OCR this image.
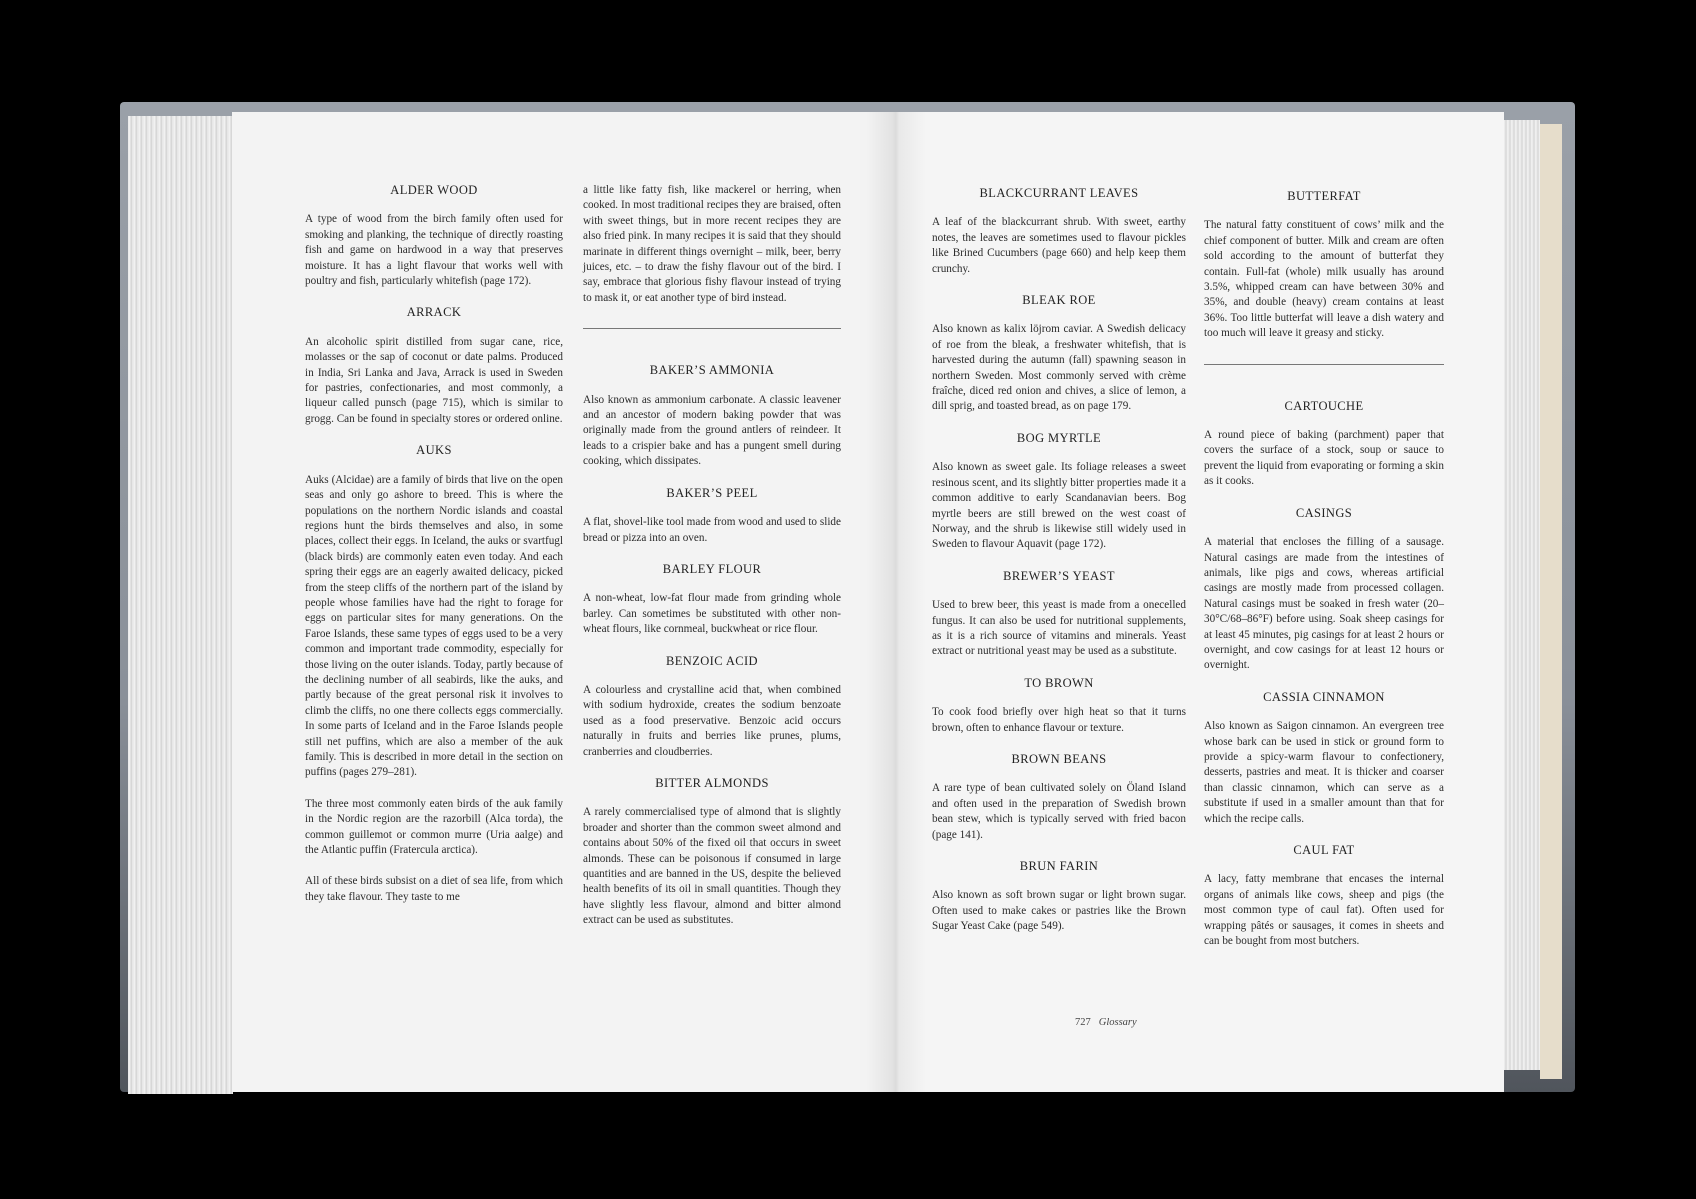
ALDER WOOD

A type of wood from the birch family often used for smoking and planking, the technique of directly roasting fish and game on hardwood in a way that preserves moisture. It has a light flavour that works well with poultry and fish, particularly whitefish (page 172).

ARRACK

An alcoholic spirit distilled from sugar cane, rice, molasses or the sap of coconut or date palms. Produced in India, Sri Lanka and Java, Arrack is used in Sweden for pastries, confectionaries, and most commonly, a liqueur called punsch (page 715), which is similar to grogg. Can be found in specialty stores or ordered online.

AUKS

Auks (Alcidae) are a family of birds that live on the open seas and only go ashore to breed. This is where the populations on the northern Nordic islands and coastal regions hunt the birds themselves and also, in some places, collect their eggs. In Iceland, the auks or svartfugl (black birds) are commonly eaten even today. And each spring their eggs are an eagerly awaited delicacy, picked from the steep cliffs of the northern part of the island by people whose families have had the right to forage for eggs on particular sites for many generations. On the Faroe Islands, these same types of eggs used to be a very common and important trade commodity, especially for those living on the outer islands. Today, partly because of the declining number of all seabirds, like the auks, and partly because of the great personal risk it involves to climb the cliffs, no one there collects eggs commercially. In some parts of Iceland and in the Faroe Islands people still net puffins, which are also a member of the auk family. This is described in more detail in the section on puffins (pages 279–281).

The three most commonly eaten birds of the auk family in the Nordic region are the razorbill (Alca torda), the common guillemot or common murre (Uria aalge) and the Atlantic puffin (Fratercula arctica).

All of these birds subsist on a diet of sea life, from which they take flavour. They taste to me

a little like fatty fish, like mackerel or herring, when cooked. In most traditional recipes they are braised, often with sweet things, but in more recent recipes they are also fried pink. In many recipes it is said that they should marinate in different things overnight – milk, beer, berry juices, etc. – to draw the fishy flavour out of the bird. I say, embrace that glorious fishy flavour instead of trying to mask it, or eat another type of bird instead.

BAKER’S AMMONIA

Also known as ammonium carbonate. A classic leavener and an ancestor of modern baking powder that was originally made from the ground antlers of reindeer. It leads to a crispier bake and has a pungent smell during cooking, which dissipates.

BAKER’S PEEL

A flat, shovel-like tool made from wood and used to slide bread or pizza into an oven.

BARLEY FLOUR

A non-wheat, low-fat flour made from grinding whole barley. Can sometimes be substituted with other non-wheat flours, like cornmeal, buckwheat or rice flour.

BENZOIC ACID

A colourless and crystalline acid that, when combined with sodium hydroxide, creates the sodium benzoate used as a food preservative. Benzoic acid occurs naturally in fruits and berries like prunes, plums, cranberries and cloudberries.

BITTER ALMONDS

A rarely commercialised type of almond that is slightly broader and shorter than the common sweet almond and contains about 50% of the fixed oil that occurs in sweet almonds. These can be poisonous if consumed in large quantities and are banned in the US, despite the believed health benefits of its oil in small quantities. Though they have slightly less flavour, almond and bitter almond extract can be used as substitutes.

BLACKCURRANT LEAVES

A leaf of the blackcurrant shrub. With sweet, earthy notes, the leaves are sometimes used to flavour pickles like Brined Cucumbers (page 660) and help keep them crunchy.

BLEAK ROE

Also known as kalix löjrom caviar. A Swedish delicacy of roe from the bleak, a freshwater whitefish, that is harvested during the autumn (fall) spawning season in northern Sweden. Most commonly served with crème fraîche, diced red onion and chives, a slice of lemon, a dill sprig, and toasted bread, as on page 179.

BOG MYRTLE

Also known as sweet gale. Its foliage releases a sweet resinous scent, and its slightly bitter properties made it a common additive to early Scandanavian beers. Bog myrtle beers are still brewed on the west coast of Norway, and the shrub is likewise still widely used in Sweden to flavour Aquavit (page 172).

BREWER’S YEAST

Used to brew beer, this yeast is made from a onecelled fungus. It can also be used for nutritional supplements, as it is a rich source of vitamins and minerals. Yeast extract or nutritional yeast may be used as a substitute.

TO BROWN

To cook food briefly over high heat so that it turns brown, often to enhance flavour or texture.

BROWN BEANS

A rare type of bean cultivated solely on Öland Island and often used in the preparation of Swedish brown bean stew, which is typically served with fried bacon (page 141).

BRUN FARIN

Also known as soft brown sugar or light brown sugar. Often used to make cakes or pastries like the Brown Sugar Yeast Cake (page 549).

BUTTERFAT

The natural fatty constituent of cows’ milk and the chief component of butter. Milk and cream are often sold according to the amount of butterfat they contain. Full-fat (whole) milk usually has around 3.5%, whipped cream can have between 30% and 35%, and double (heavy) cream contains at least 36%. Too little butterfat will leave a dish watery and too much will leave it greasy and sticky.

CARTOUCHE

A round piece of baking (parchment) paper that covers the surface of a stock, soup or sauce to prevent the liquid from evaporating or forming a skin as it cooks.

CASINGS

A material that encloses the filling of a sausage. Natural casings are made from the intestines of animals, like pigs and cows, whereas artificial casings are mostly made from processed collagen. Natural casings must be soaked in fresh water (20–30°C/68–86°F) before using. Soak sheep casings for at least 45 minutes, pig casings for at least 2 hours or overnight, and cow casings for at least 12 hours or overnight.

CASSIA CINNAMON

Also known as Saigon cinnamon. An evergreen tree whose bark can be used in stick or ground form to provide a spicy-warm flavour to confectionery, desserts, pastries and meat. It is thicker and coarser than classic cinnamon, which can serve as a substitute if used in a smaller amount than that for which the recipe calls.

CAUL FAT

A lacy, fatty membrane that encases the internal organs of animals like cows, sheep and pigs (the most common type of caul fat). Often used for wrapping pâtés or sausages, it comes in sheets and can be bought from most butchers.

727 Glossary
